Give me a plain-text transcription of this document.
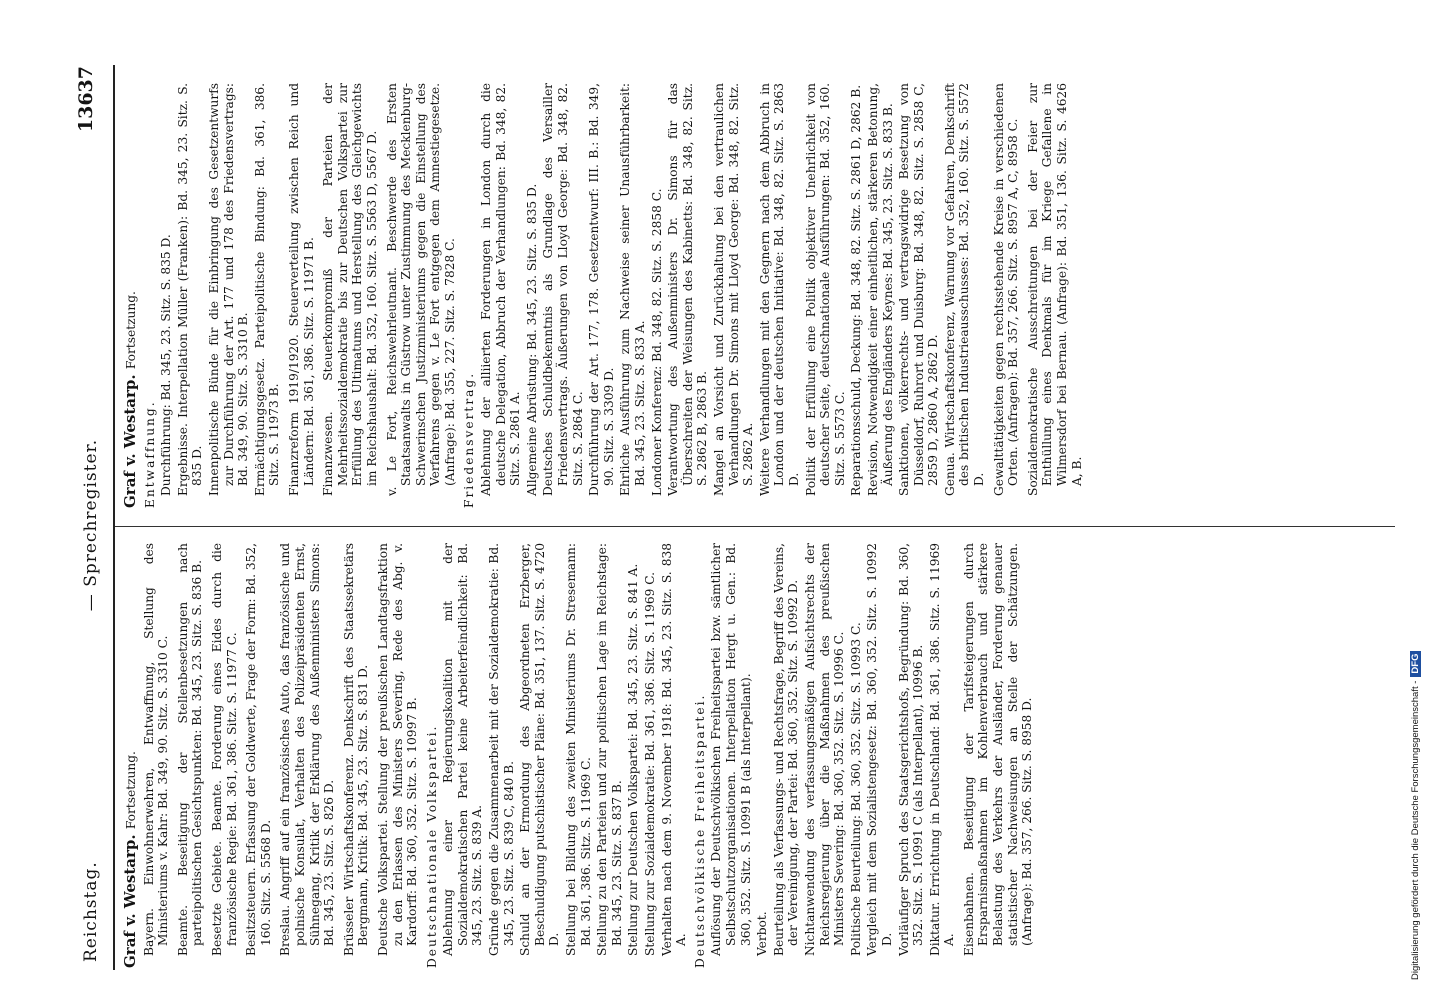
Reichstag.
— Sprechregister.
13637
Graf v. Westarp. Fortsetzung. Bayern. Einwohnerwehren, Entwaffnung, Stellung des Ministeriums v. Kahr: Bd. 349, 90. Sitz. S. 3310 C. Beamte. Beseitigung der Stellenbesetzungen nach parteipolitischen Gesichtspunkten: Bd. 345, 23. Sitz. S. 836 B. Besetzte Gebiete. Beamte. Forderung eines Eides durch die französische Regie: Bd. 361, 386. Sitz. S. 11977 C. Besitzsteuern. Erfassung der Goldwerte, Frage der Form: Bd. 352, 160. Sitz. S. 5568 D. Breslau. Angriff auf ein französisches Auto, das französische und polnische Konsulat, Verhalten des Polizeipräsidenten Ernst, Sühnegang, Kritik der Erklärung des Außenministers Simons: Bd. 345, 23. Sitz. S. 826 D. Brüsseler Wirtschaftskonferenz. Denkschrift des Staatssekretärs Bergmann, Kritik: Bd. 345, 23. Sitz. S. 831 D. Deutsche Volkspartei. Stellung der preußischen Landtagsfraktion zu den Erlassen des Ministers Severing, Rede des Abg. v. Kardorff: Bd. 360, 352. Sitz. S. 10997 B. Deutschnationale Volkspartei. Ablehnung einer Regierungskoalition mit der Sozialdemokratischen Partei keine Arbeiterfeindlichkeit: Bd. 345, 23. Sitz. S. 839 A. Gründe gegen die Zusammenarbeit mit der Sozialdemokratie: Bd. 345, 23. Sitz. S. 839 C, 840 B. Schuld an der Ermordung des Abgeordneten Erzberger, Beschuldigung putschistischer Pläne: Bd. 351, 137. Sitz. S. 4720 D. Stellung bei Bildung des zweiten Ministeriums Dr. Stresemann: Bd. 361, 386. Sitz. S. 11969 C. Stellung zu den Parteien und zur politischen Lage im Reichstage: Bd. 345, 23. Sitz. S. 837 B. Stellung zur Deutschen Volkspartei: Bd. 345, 23. Sitz. S. 841 A. Stellung zur Sozialdemokratie: Bd. 361, 386. Sitz. S. 11969 C. Verhalten nach dem 9. November 1918: Bd. 345, 23. Sitz. S. 838 A. Deutschvölkische Freiheitspartei. Auflösung der Deutschvölkischen Freiheitspartei bzw. sämtlicher Selbstschutzorganisationen. Interpellation Hergt u. Gen.: Bd. 360, 352. Sitz. S. 10991 B (als Interpellant). Verbot. Beurteilung als Verfassungs- und Rechtsfrage, Begriff des Vereins, der Vereinigung, der Partei: Bd. 360, 352. Sitz. S. 10992 D. Nichtanwendung des verfassungsmäßigen Aufsichtsrechts der Reichsregierung über die Maßnahmen des preußischen Ministers Severing: Bd. 360, 352. Sitz. S. 10996 C. Politische Beurteilung: Bd. 360, 352. Sitz. S. 10993 C. Vergleich mit dem Sozialistengesetz: Bd. 360, 352. Sitz. S. 10992 D. Vorläufiger Spruch des Staatsgerichtshofs, Begründung: Bd. 360, 352. Sitz. S. 10991 C (als Interpellant), 10996 B. Diktatur. Errichtung in Deutschland: Bd. 361, 386. Sitz. S. 11969 A. Eisenbahnen. Beseitigung der Tarifsteigerungen durch Ersparnismaßnahmen im Kohlenverbrauch und stärkere Belastung des Verkehrs der Ausländer, Forderung genauer statistischer Nachweisungen an Stelle der Schätzungen. (Anfrage): Bd. 357, 266. Sitz. S. 8958 D.
Graf v. Westarp. Fortsetzung.
Entwaffnung. Durchführung: Bd. 345, 23. Sitz. S. 835 D. Ergebnisse. Interpellation Müller (Franken): Bd. 345, 23. Sitz. S. 835 D. Innenpolitische Bünde für die Einbringung des Gesetzentwurfs zur Durchführung der Art. 177 und 178 des Friedensvertrags: Bd. 349, 90. Sitz. S. 3310 B. Ermächtigungsgesetz. Parteipolitische Bindung: Bd. 361, 386. Sitz. S. 11973 B. Finanzreform 1919/1920. Steuerverteilung zwischen Reich und Ländern: Bd. 361, 386. Sitz. S. 11971 B. Finanzwesen. Steuerkompromiß der Parteien der Mehrheitssozialdemokratie bis zur Deutschen Volkspartei zur Erfüllung des Ultimatums und Herstellung des Gleichgewichts im Reichshaushalt: Bd. 352, 160. Sitz. S. 5563 D, 5567 D. v. Le Fort, Reichswehrleutnant. Beschwerde des Ersten Staatsanwalts in Güstrow unter Zustimmung des Mecklenburg-Schwerinschen Justizministeriums gegen die Einstellung des Verfahrens gegen v. Le Fort entgegen dem Amnestiegesetze. (Anfrage): Bd. 355, 227. Sitz. S. 7828 C. Friedensvertrag. Ablehnung der alliierten Forderungen in London durch die deutsche Delegation, Abbruch der Verhandlungen: Bd. 348, 82. Sitz. S. 2861 A. Allgemeine Abrüstung: Bd. 345, 23. Sitz. S. 835 D. Deutsches Schuldbekenntnis als Grundlage des Versailler Friedensvertrags. Äußerungen von Lloyd George: Bd. 348, 82. Sitz. S. 2864 C. Durchführung der Art. 177, 178. Gesetzentwurf: III. B.: Bd. 349, 90. Sitz. S. 3309 D. Ehrliche Ausführung zum Nachweise seiner Unausführbarkeit: Bd. 345, 23. Sitz. S. 833 A. Londoner Konferenz: Bd. 348, 82. Sitz. S. 2858 C. Verantwortung des Außenministers Dr. Simons für das Überschreiten der Weisungen des Kabinetts: Bd. 348, 82. Sitz. S. 2862 B, 2863 B. Mangel an Vorsicht und Zurückhaltung bei den vertraulichen Verhandlungen Dr. Simons mit Lloyd George: Bd. 348, 82. Sitz. S. 2862 A. Weitere Verhandlungen mit den Gegnern nach dem Abbruch in London und der deutschen Initiative: Bd. 348, 82. Sitz. S. 2863 D. Politik der Erfüllung eine Politik objektiver Unehrlichkeit von deutscher Seite, deutschnationale Ausführungen: Bd. 352, 160. Sitz. S. 5573 C. Reparationsschuld, Deckung: Bd. 348, 82. Sitz. S. 2861 D, 2862 B. Revision, Notwendigkeit einer einheitlichen, stärkeren Betonung, Äußerung des Engländers Keynes: Bd. 345, 23. Sitz. S. 833 B. Sanktionen, völkerrechts- und vertragswidrige Besetzung von Düsseldorf, Ruhrort und Duisburg: Bd. 348, 82. Sitz. S. 2858 C, 2859 D, 2860 A, 2862 D. Genua. Wirtschaftskonferenz, Warnung vor Gefahren, Denkschrift des britischen Industrieausschusses: Bd. 352, 160. Sitz. S. 5572 D. Gewalttätigkeiten gegen rechtsstehende Kreise in verschiedenen Orten. (Anfragen): Bd. 357, 266. Sitz. S. 8957 A, C, 8958 C. Sozialdemokratische Ausschreitungen bei der Feier zur Enthüllung eines Denkmals für im Kriege Gefallene in Wilmersdorf bei Bernau. (Anfrage): Bd. 351, 136. Sitz. S. 4626 A, B.
Digitalisierung gefördert durch die Deutsche Forschungsgemeinschaft -DFG
